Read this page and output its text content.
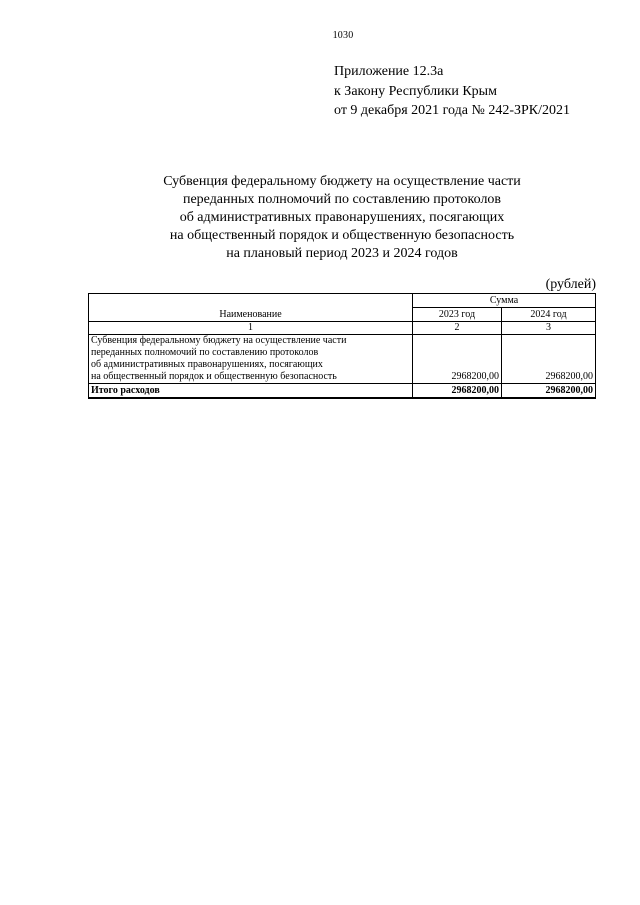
1030
Приложение 12.3а
к Закону Республики Крым
от 9 декабря 2021 года № 242-ЗРК/2021
Субвенция федеральному бюджету на осуществление части
переданных полномочий по составлению протоколов
об административных правонарушениях, посягающих
на общественный порядок и общественную безопасность
на плановый период 2023 и 2024 годов
(рублей)
Наименование	Сумма	
	2023 год	2024 год
1	2	3

Субвенция федеральному бюджету на осуществление части
переданных полномочий по составлению протоколов
об административных правонарушениях, посягающих
на общественный порядок и общественную безопасность	2968200,00	2968200,00
Итого расходов	2968200,00	2968200,00
